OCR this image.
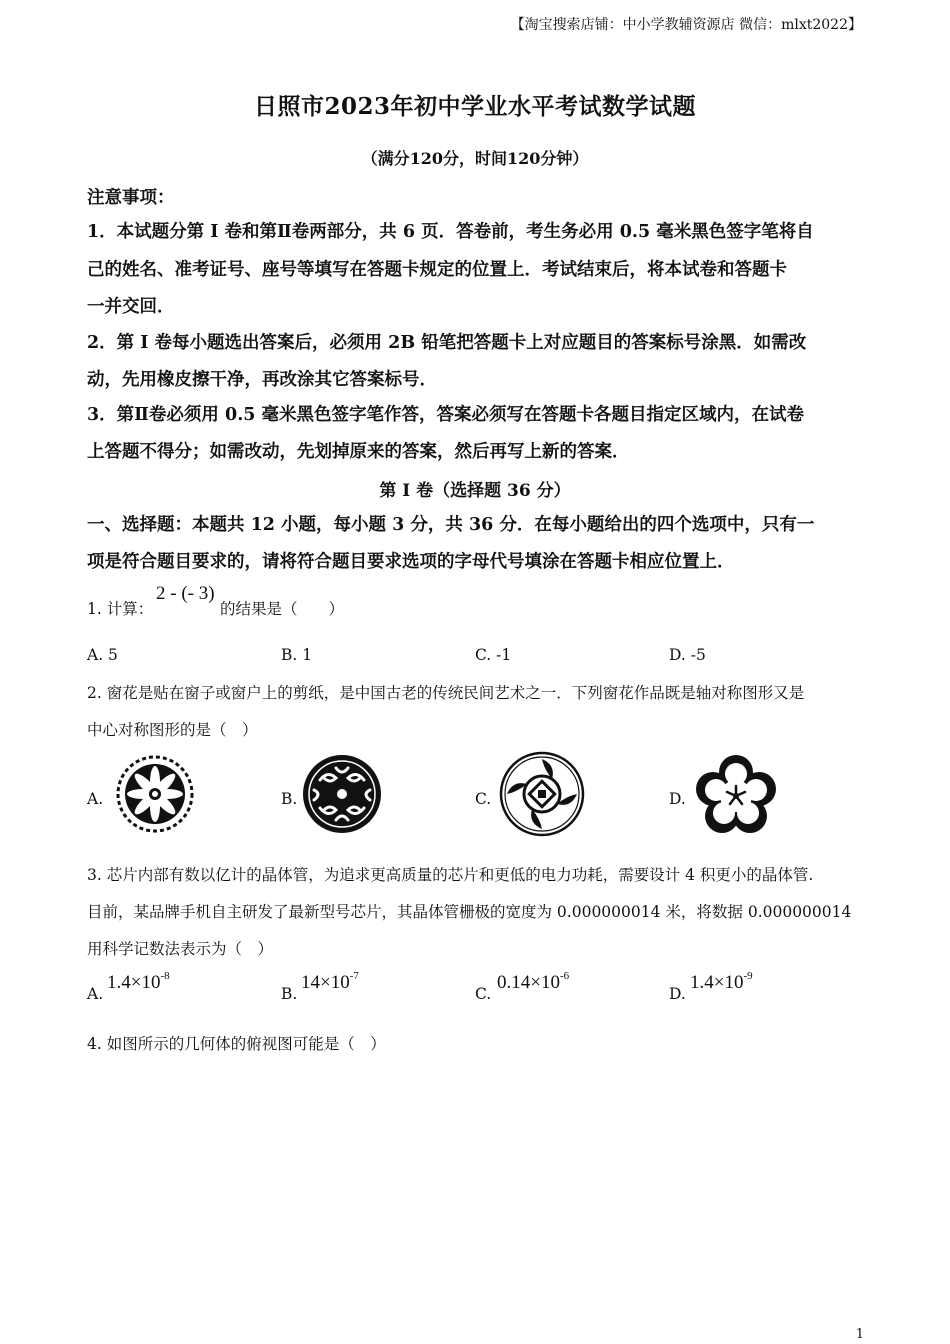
【淘宝搜索店铺：中小学教辅资源店 微信：mlxt2022】
日照市2023年初中学业水平考试数学试题
（满分120分，时间120分钟）
注意事项：
1．本试题分第 I 卷和第Ⅱ卷两部分，共 6 页．答卷前，考生务必用 0.5 毫米黑色签字笔将自
己的姓名、准考证号、座号等填写在答题卡规定的位置上．考试结束后，将本试卷和答题卡
一并交回．
2．第 I 卷每小题选出答案后，必须用 2B 铅笔把答题卡上对应题目的答案标号涂黑．如需改
动，先用橡皮擦干净，再改涂其它答案标号．
3．第Ⅱ卷必须用 0.5 毫米黑色签字笔作答，答案必须写在答题卡各题目指定区域内，在试卷
上答题不得分；如需改动，先划掉原来的答案，然后再写上新的答案．
第 I 卷（选择题 36 分）
一、选择题：本题共 12 小题，每小题 3 分，共 36 分．在每小题给出的四个选项中，只有一
项是符合题目要求的，请将符合题目要求选项的字母代号填涂在答题卡相应位置上．
1. 计算：
2 - (- 3)
的结果是（　　）
A. 5	B. 1	C. -1	D. -5
2. 窗花是贴在窗子或窗户上的剪纸，是中国古老的传统民间艺术之一．下列窗花作品既是轴对称图形又是
中心对称图形的是（　）
A.	B.	C.	D.
3. 芯片内部有数以亿计的晶体管，为追求更高质量的芯片和更低的电力功耗，需要设计 4 积更小的晶体管.
目前，某品牌手机自主研发了最新型号芯片，其晶体管栅极的宽度为 0.000000014 米，将数据 0.000000014
用科学记数法表示为（　）
A.
$1.4\times 10^{-8}$
B.
$14\times 10^{-7}$
C.
$0.14\times 10^{-6}$
D.
$1.4\times 10^{-9}$
4. 如图所示的几何体的俯视图可能是（　）
1
